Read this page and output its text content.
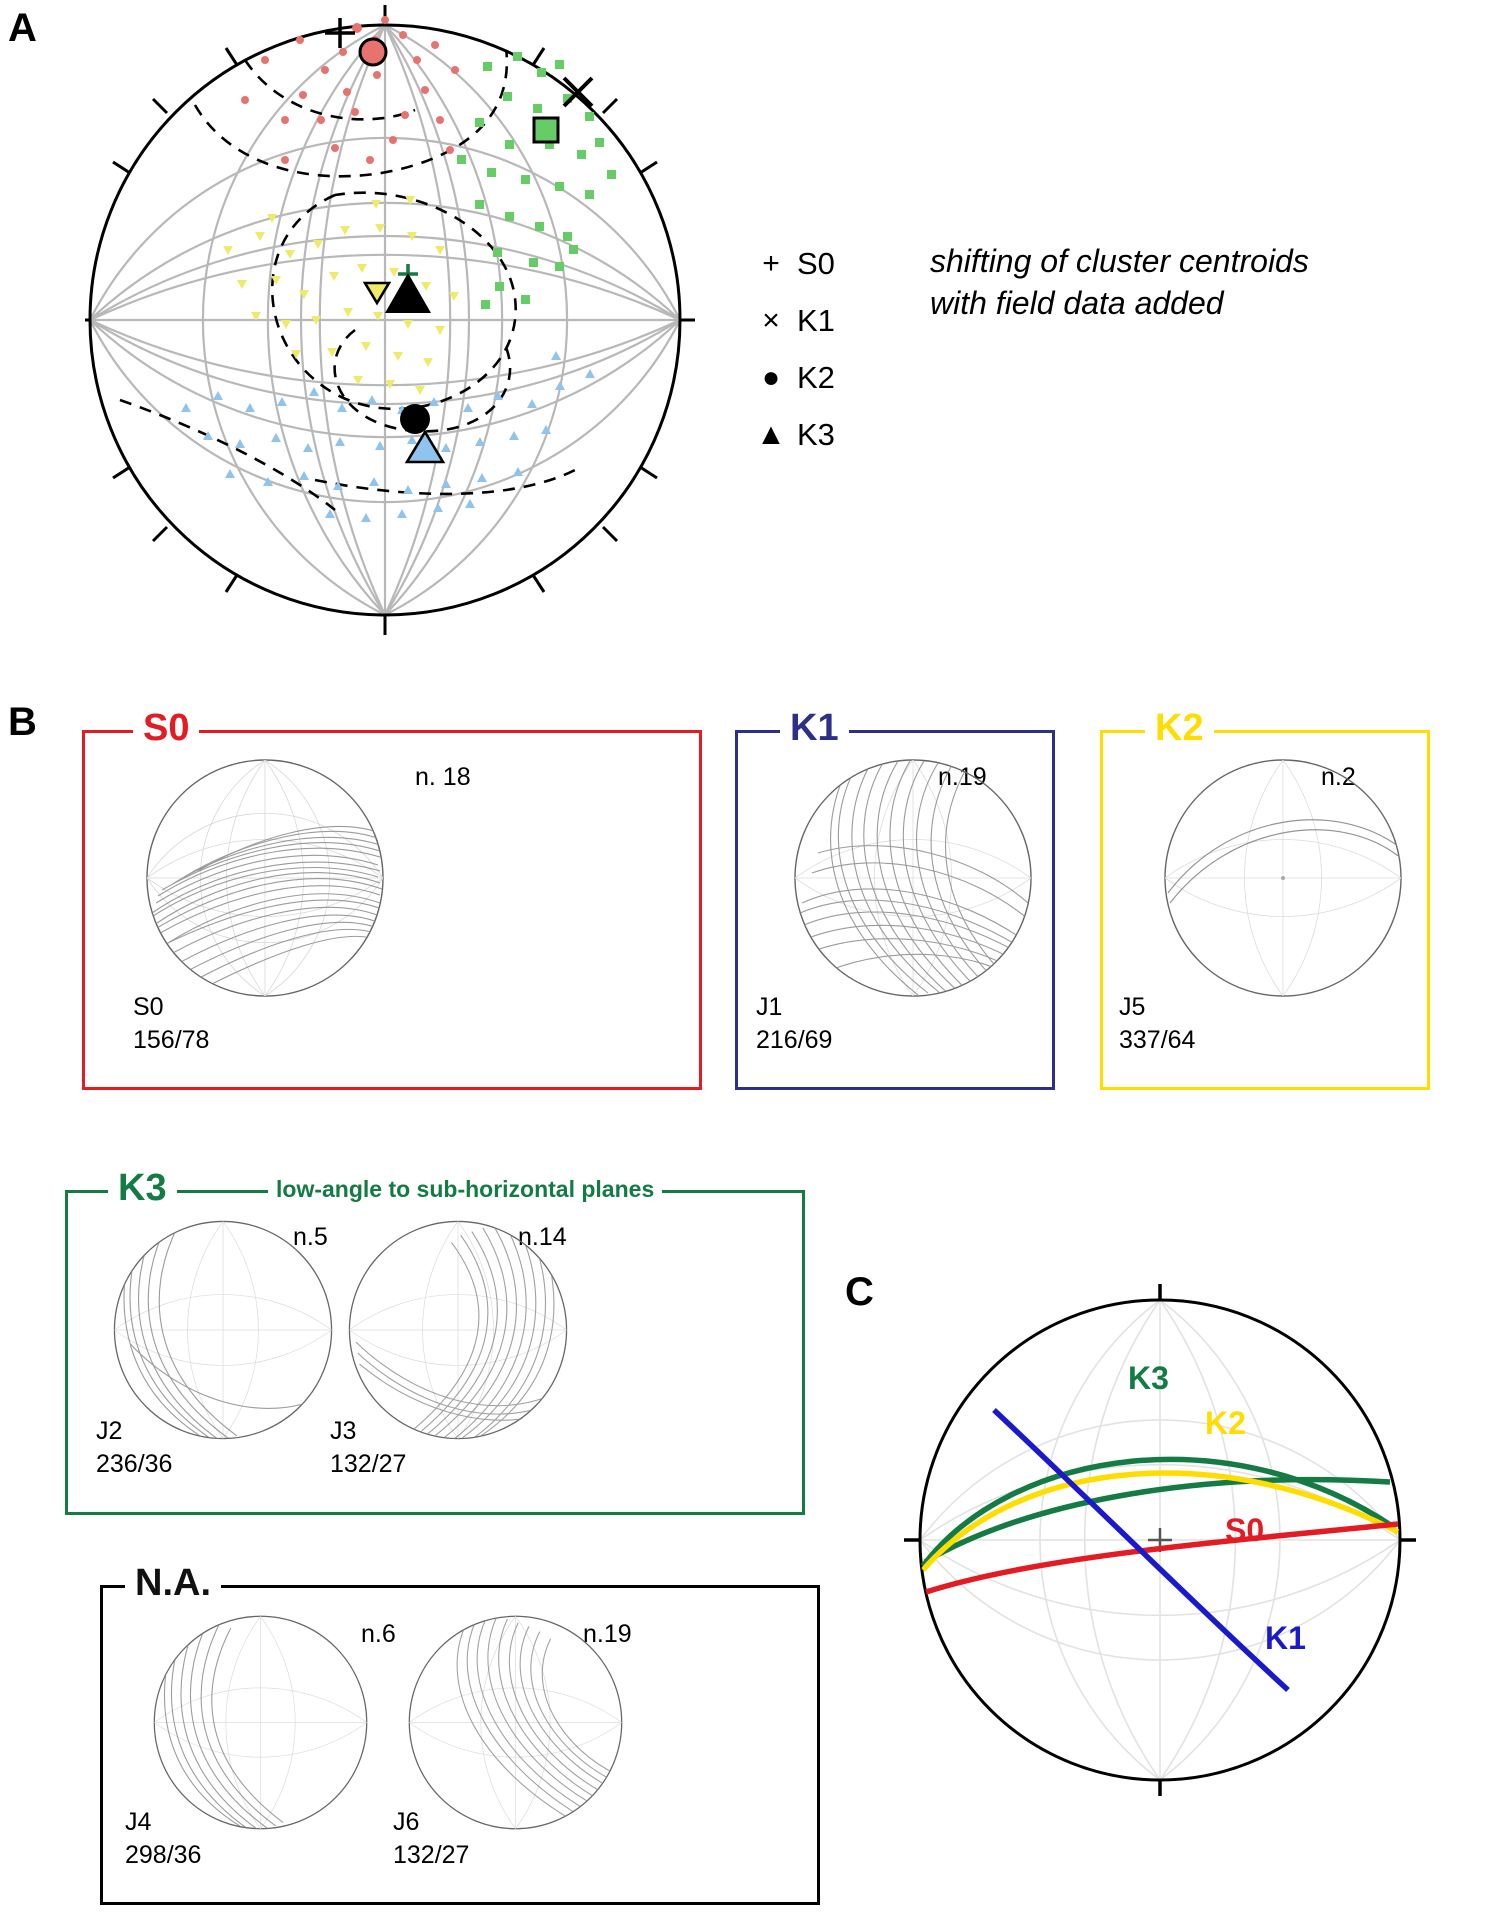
A
+ S0
× K1
● K2
▲ K3
shifting of cluster centroids with field data added
B	S0
n. 18
S0
156/78
K1
n.19
J1
216/69
K2
n.2
J5
337/64
K3	low-angle to sub-horizontal planes
n.5	n.14
J2
236/36
J3
132/27
N.A.
n.6	n.19
J4
298/36
J6
132/27
C
K3
K2
S0
K1
